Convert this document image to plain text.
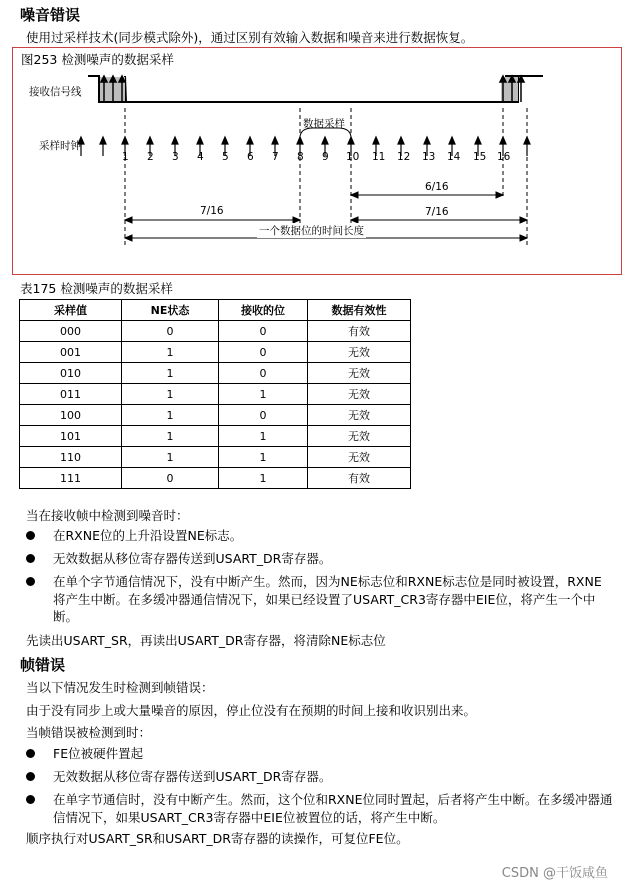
噪音错误
使用过采样技术(同步模式除外)，通过区别有效输入数据和噪音来进行数据恢复。
图253 检测噪声的数据采样
接收信号线
采样时钟
数据采样
1 2 3 4 5 6 7 8 9 10 11 12 13 14 15 16
7/16
6/16
7/16
一个数据位的时间长度
表175 检测噪声的数据采样
采样值	NE状态	接收的位	数据有效性
000	0	0	有效
001	1	0	无效
010	1	0	无效
011	1	1	无效
100	1	0	无效
101	1	1	无效
110	1	1	无效
111	0	1	有效
当在接收帧中检测到噪音时：
在RXNE位的上升沿设置NE标志。
无效数据从移位寄存器传送到USART_DR寄存器。
在单个字节通信情况下，没有中断产生。然而，因为NE标志位和RXNE标志位是同时被设置，RXNE将产生中断。在多缓冲器通信情况下，如果已经设置了USART_CR3寄存器中EIE位，将产生一个中断。
先读出USART_SR，再读出USART_DR寄存器，将清除NE标志位
帧错误
当以下情况发生时检测到帧错误：
由于没有同步上或大量噪音的原因，停止位没有在预期的时间上接和收识别出来。
当帧错误被检测到时：
FE位被硬件置起
无效数据从移位寄存器传送到USART_DR寄存器。
在单字节通信时，没有中断产生。然而，这个位和RXNE位同时置起，后者将产生中断。在多缓冲器通信情况下，如果USART_CR3寄存器中EIE位被置位的话，将产生中断。
顺序执行对USART_SR和USART_DR寄存器的读操作，可复位FE位。
CSDN @干饭咸鱼
